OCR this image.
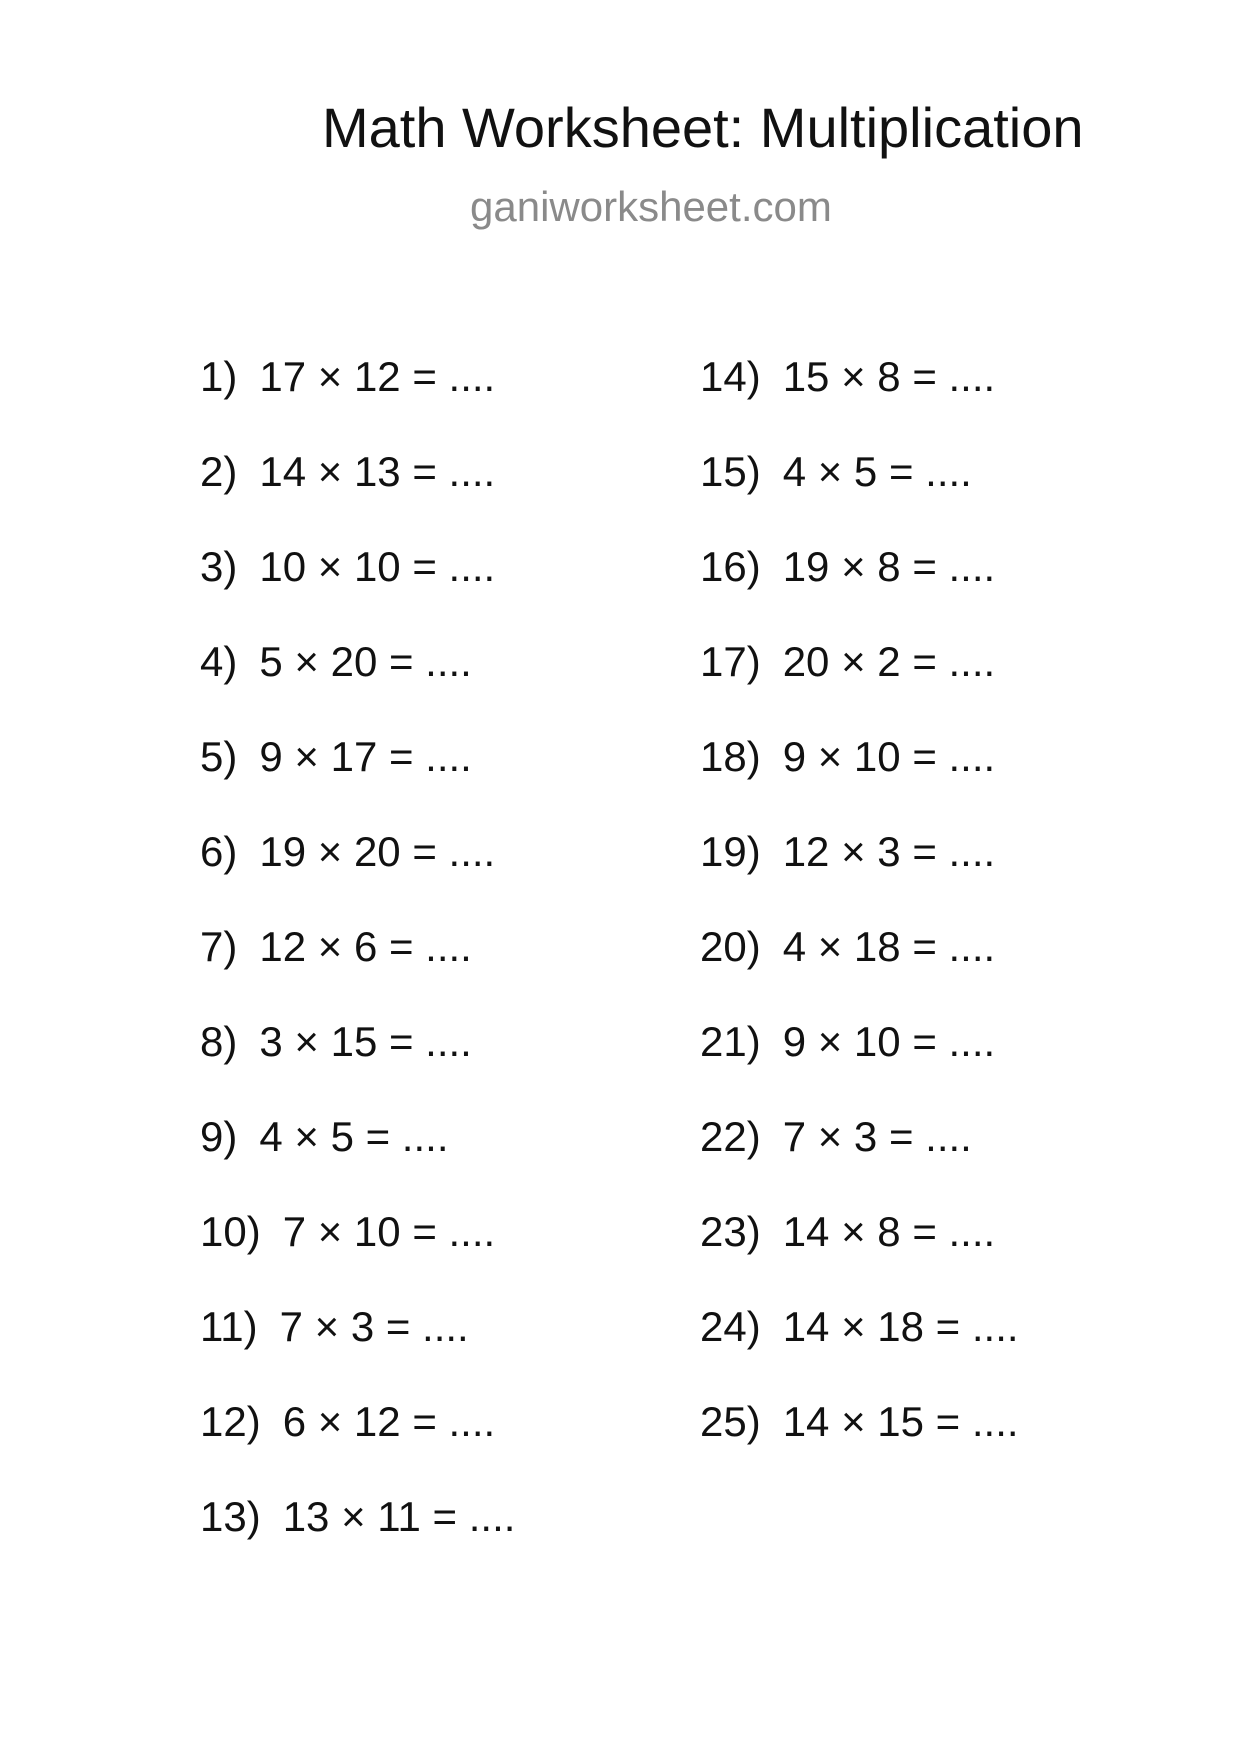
Math Worksheet: Multiplication

ganiworksheet.com

1) 17 × 12 = ....
2) 14 × 13 = ....
3) 10 × 10 = ....
4) 5 × 20 = ....
5) 9 × 17 = ....
6) 19 × 20 = ....
7) 12 × 6 = ....
8) 3 × 15 = ....
9) 4 × 5 = ....
10) 7 × 10 = ....
11) 7 × 3 = ....
12) 6 × 12 = ....
13) 13 × 11 = ....
14) 15 × 8 = ....
15) 4 × 5 = ....
16) 19 × 8 = ....
17) 20 × 2 = ....
18) 9 × 10 = ....
19) 12 × 3 = ....
20) 4 × 18 = ....
21) 9 × 10 = ....
22) 7 × 3 = ....
23) 14 × 8 = ....
24) 14 × 18 = ....
25) 14 × 15 = ....
